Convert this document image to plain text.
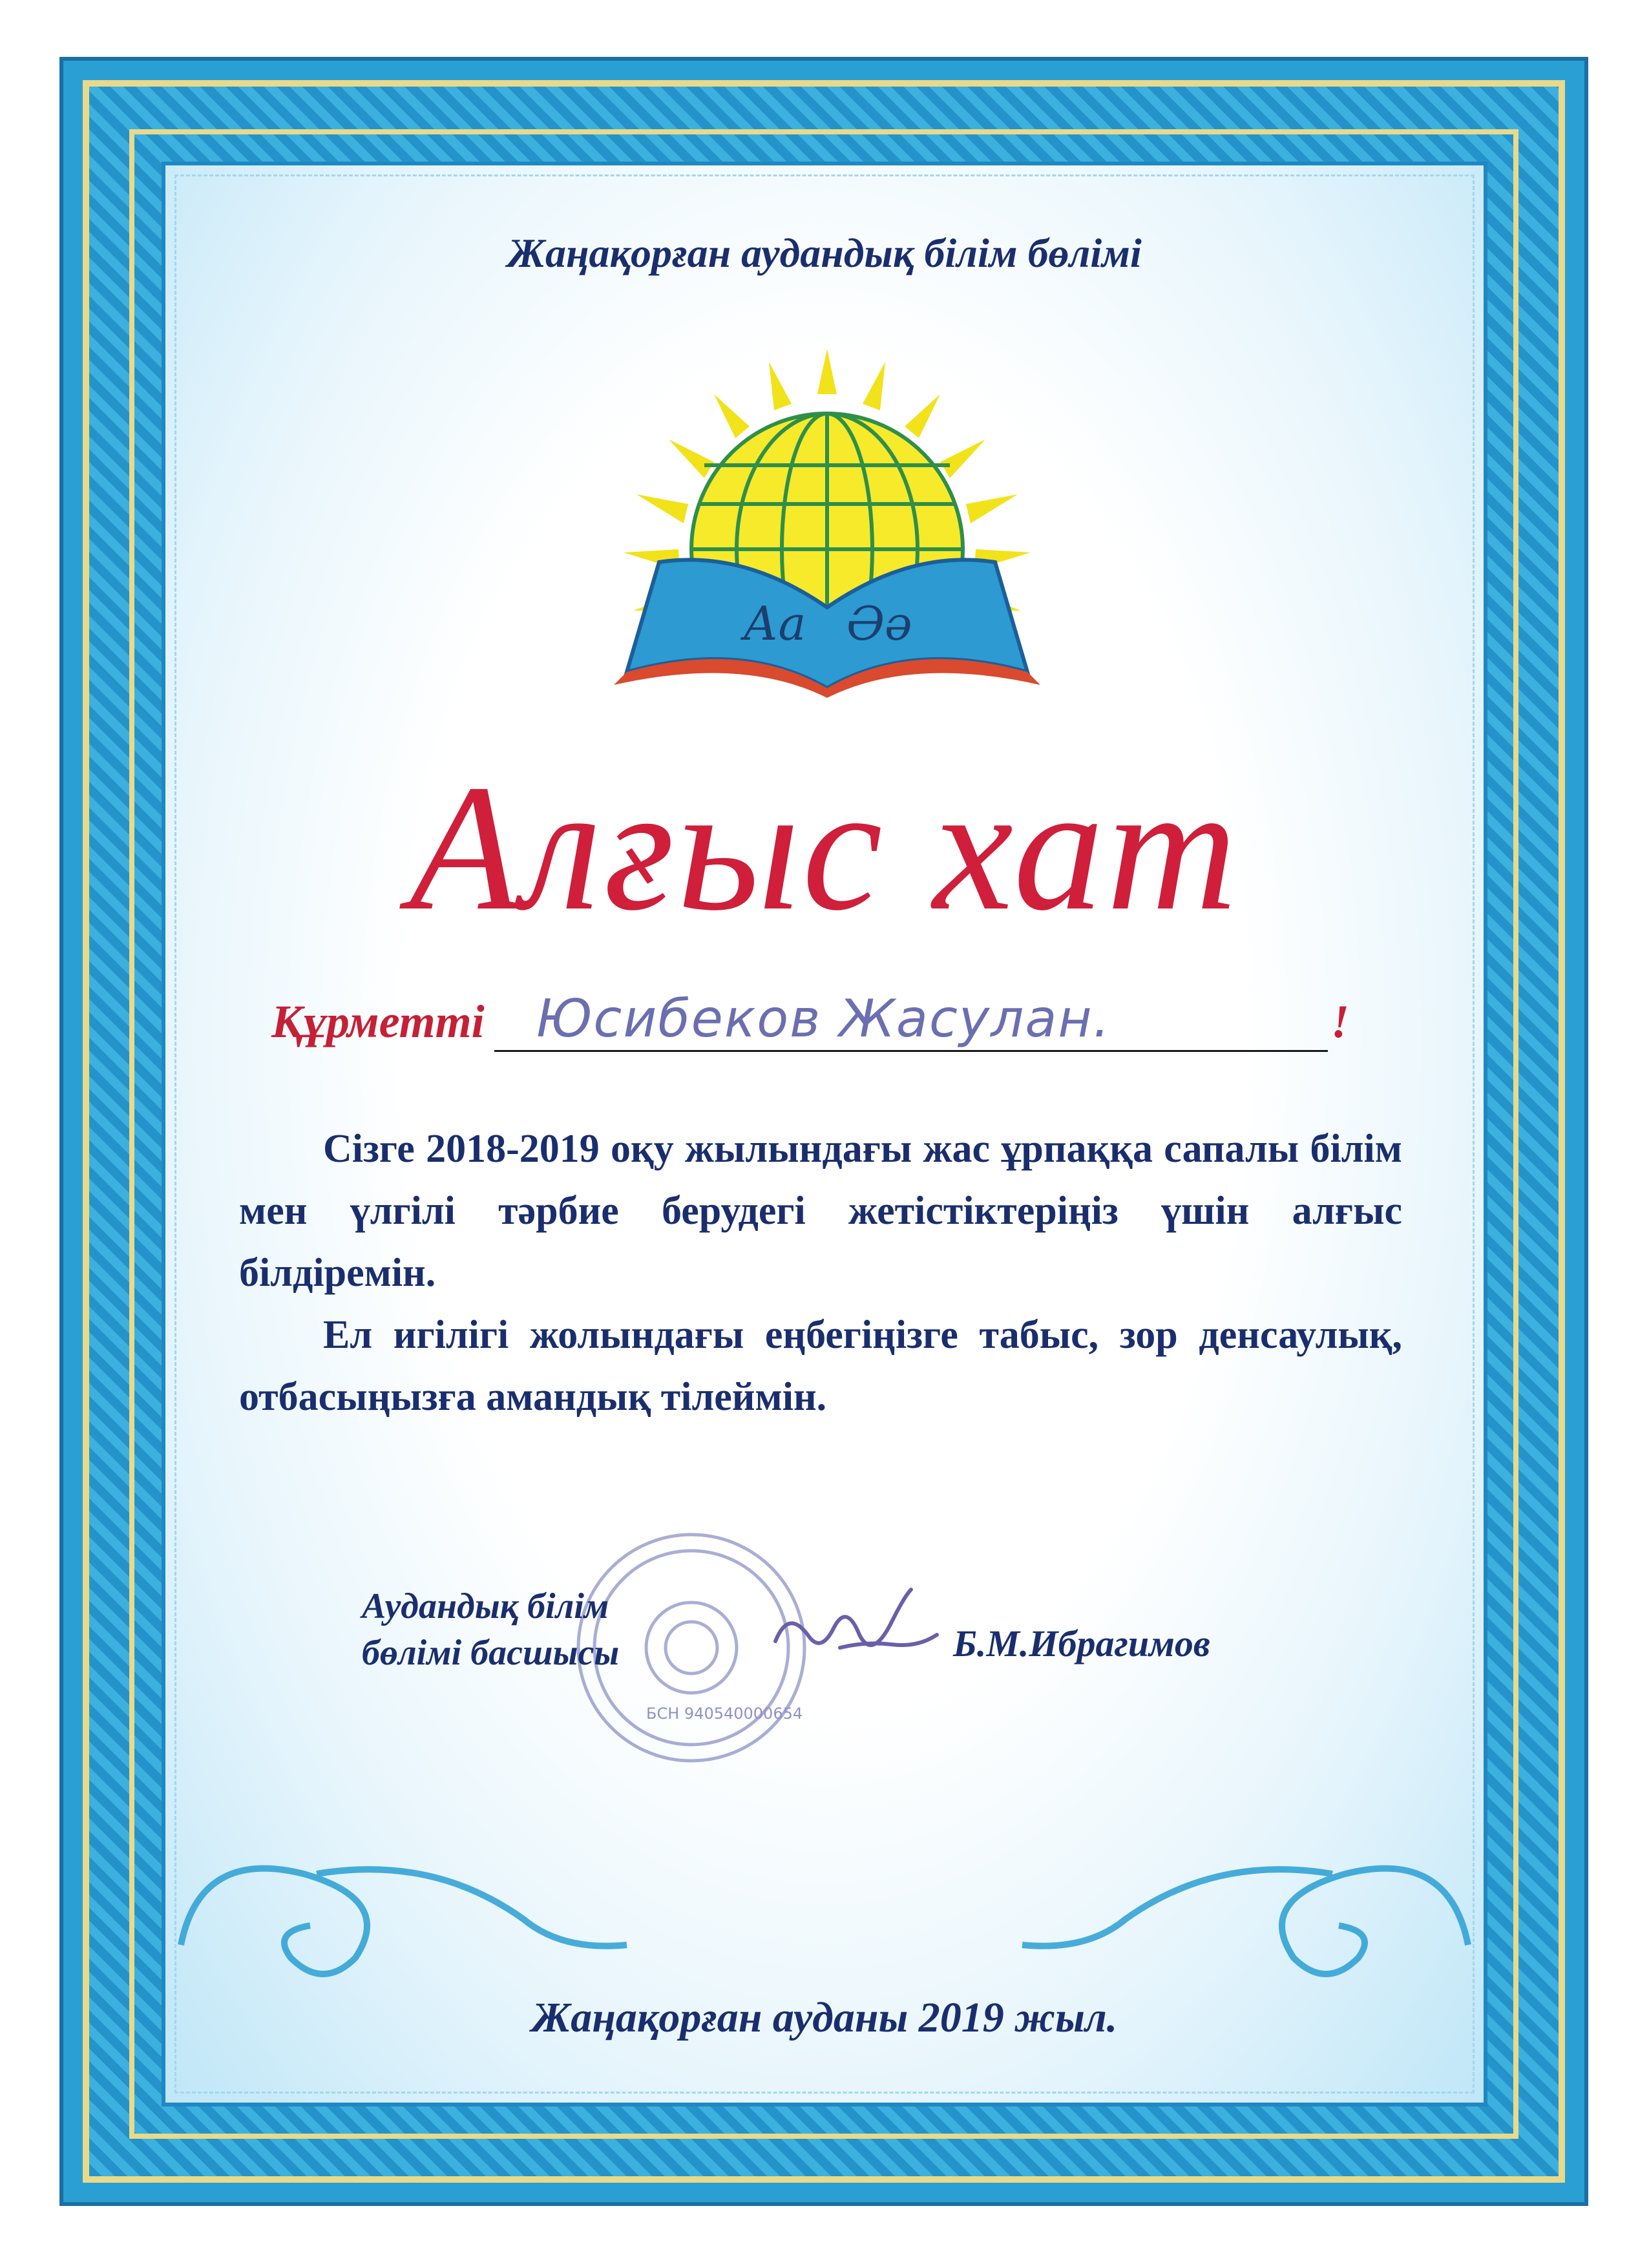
Жаңақорған аудандық білім бөлімі
Аа Әә
Алғыс хат
Құрметті Юсибеков Жасулан.	!

Сізге 2018-2019 оқу жылындағы жас ұрпаққа сапалы білім мен үлгілі тәрбие берудегі жетістіктеріңіз үшін алғыс білдіремін.

Ел игілігі жолындағы еңбегіңізге табыс, зор денсаулық, отбасыңызға амандық тілеймін.

БСН 940540000654
Аудандық білім
бөлімі басшысы	Б.М.Ибрагимов
Жаңақорған ауданы 2019 жыл.
